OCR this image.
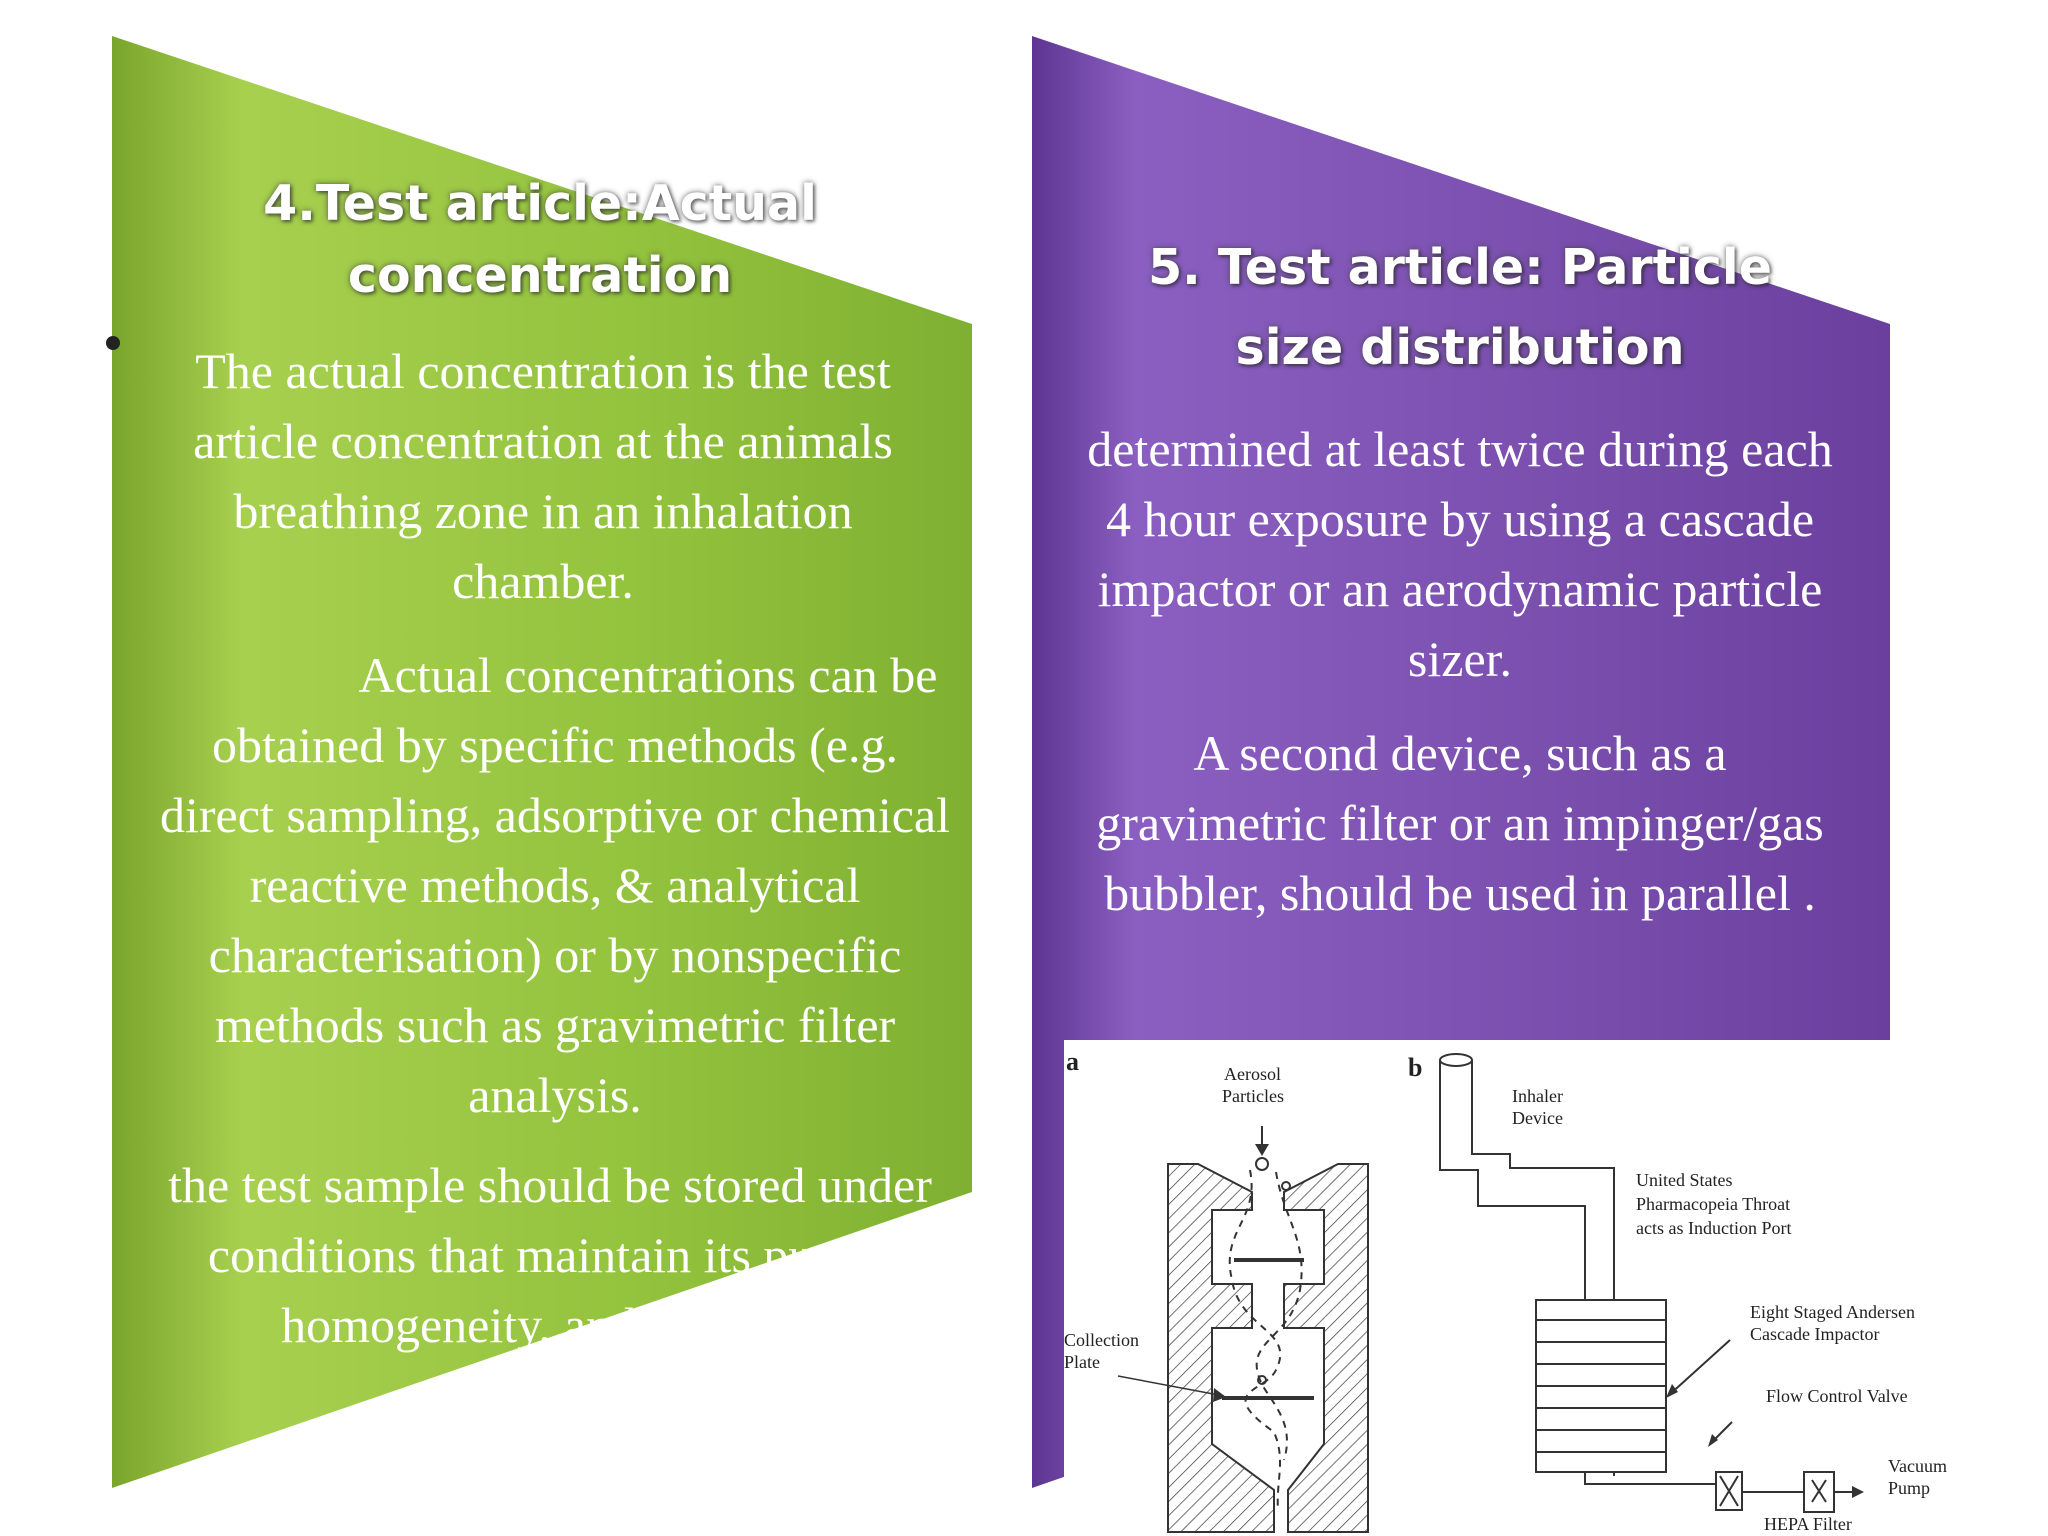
4.Test article:Actual
concentration

The actual concentration is the test article concentration at the animals breathing zone in an inhalation chamber.

Actual concentrations can be obtained by specific methods (e.g. direct sampling, adsorptive or chemical reactive methods, & analytical characterisation) or by nonspecific methods such as gravimetric filter analysis.

the test sample should be stored under conditions that maintain its purity, homogeneity, and stability.

5. Test article: Particle
size distribution

determined at least twice during each 4 hour exposure by using a cascade impactor or an aerodynamic particle sizer.

A second device, such as a gravimetric filter or an impinger/gas bubbler, should be used in parallel .

a	b
Aerosol
Particles
Collection
Plate
Inhaler
Device
United States
Pharmacopeia Throat
acts as Induction Port
Eight Staged Andersen
Cascade Impactor
Flow Control Valve
Vacuum
Pump
HEPA Filter
